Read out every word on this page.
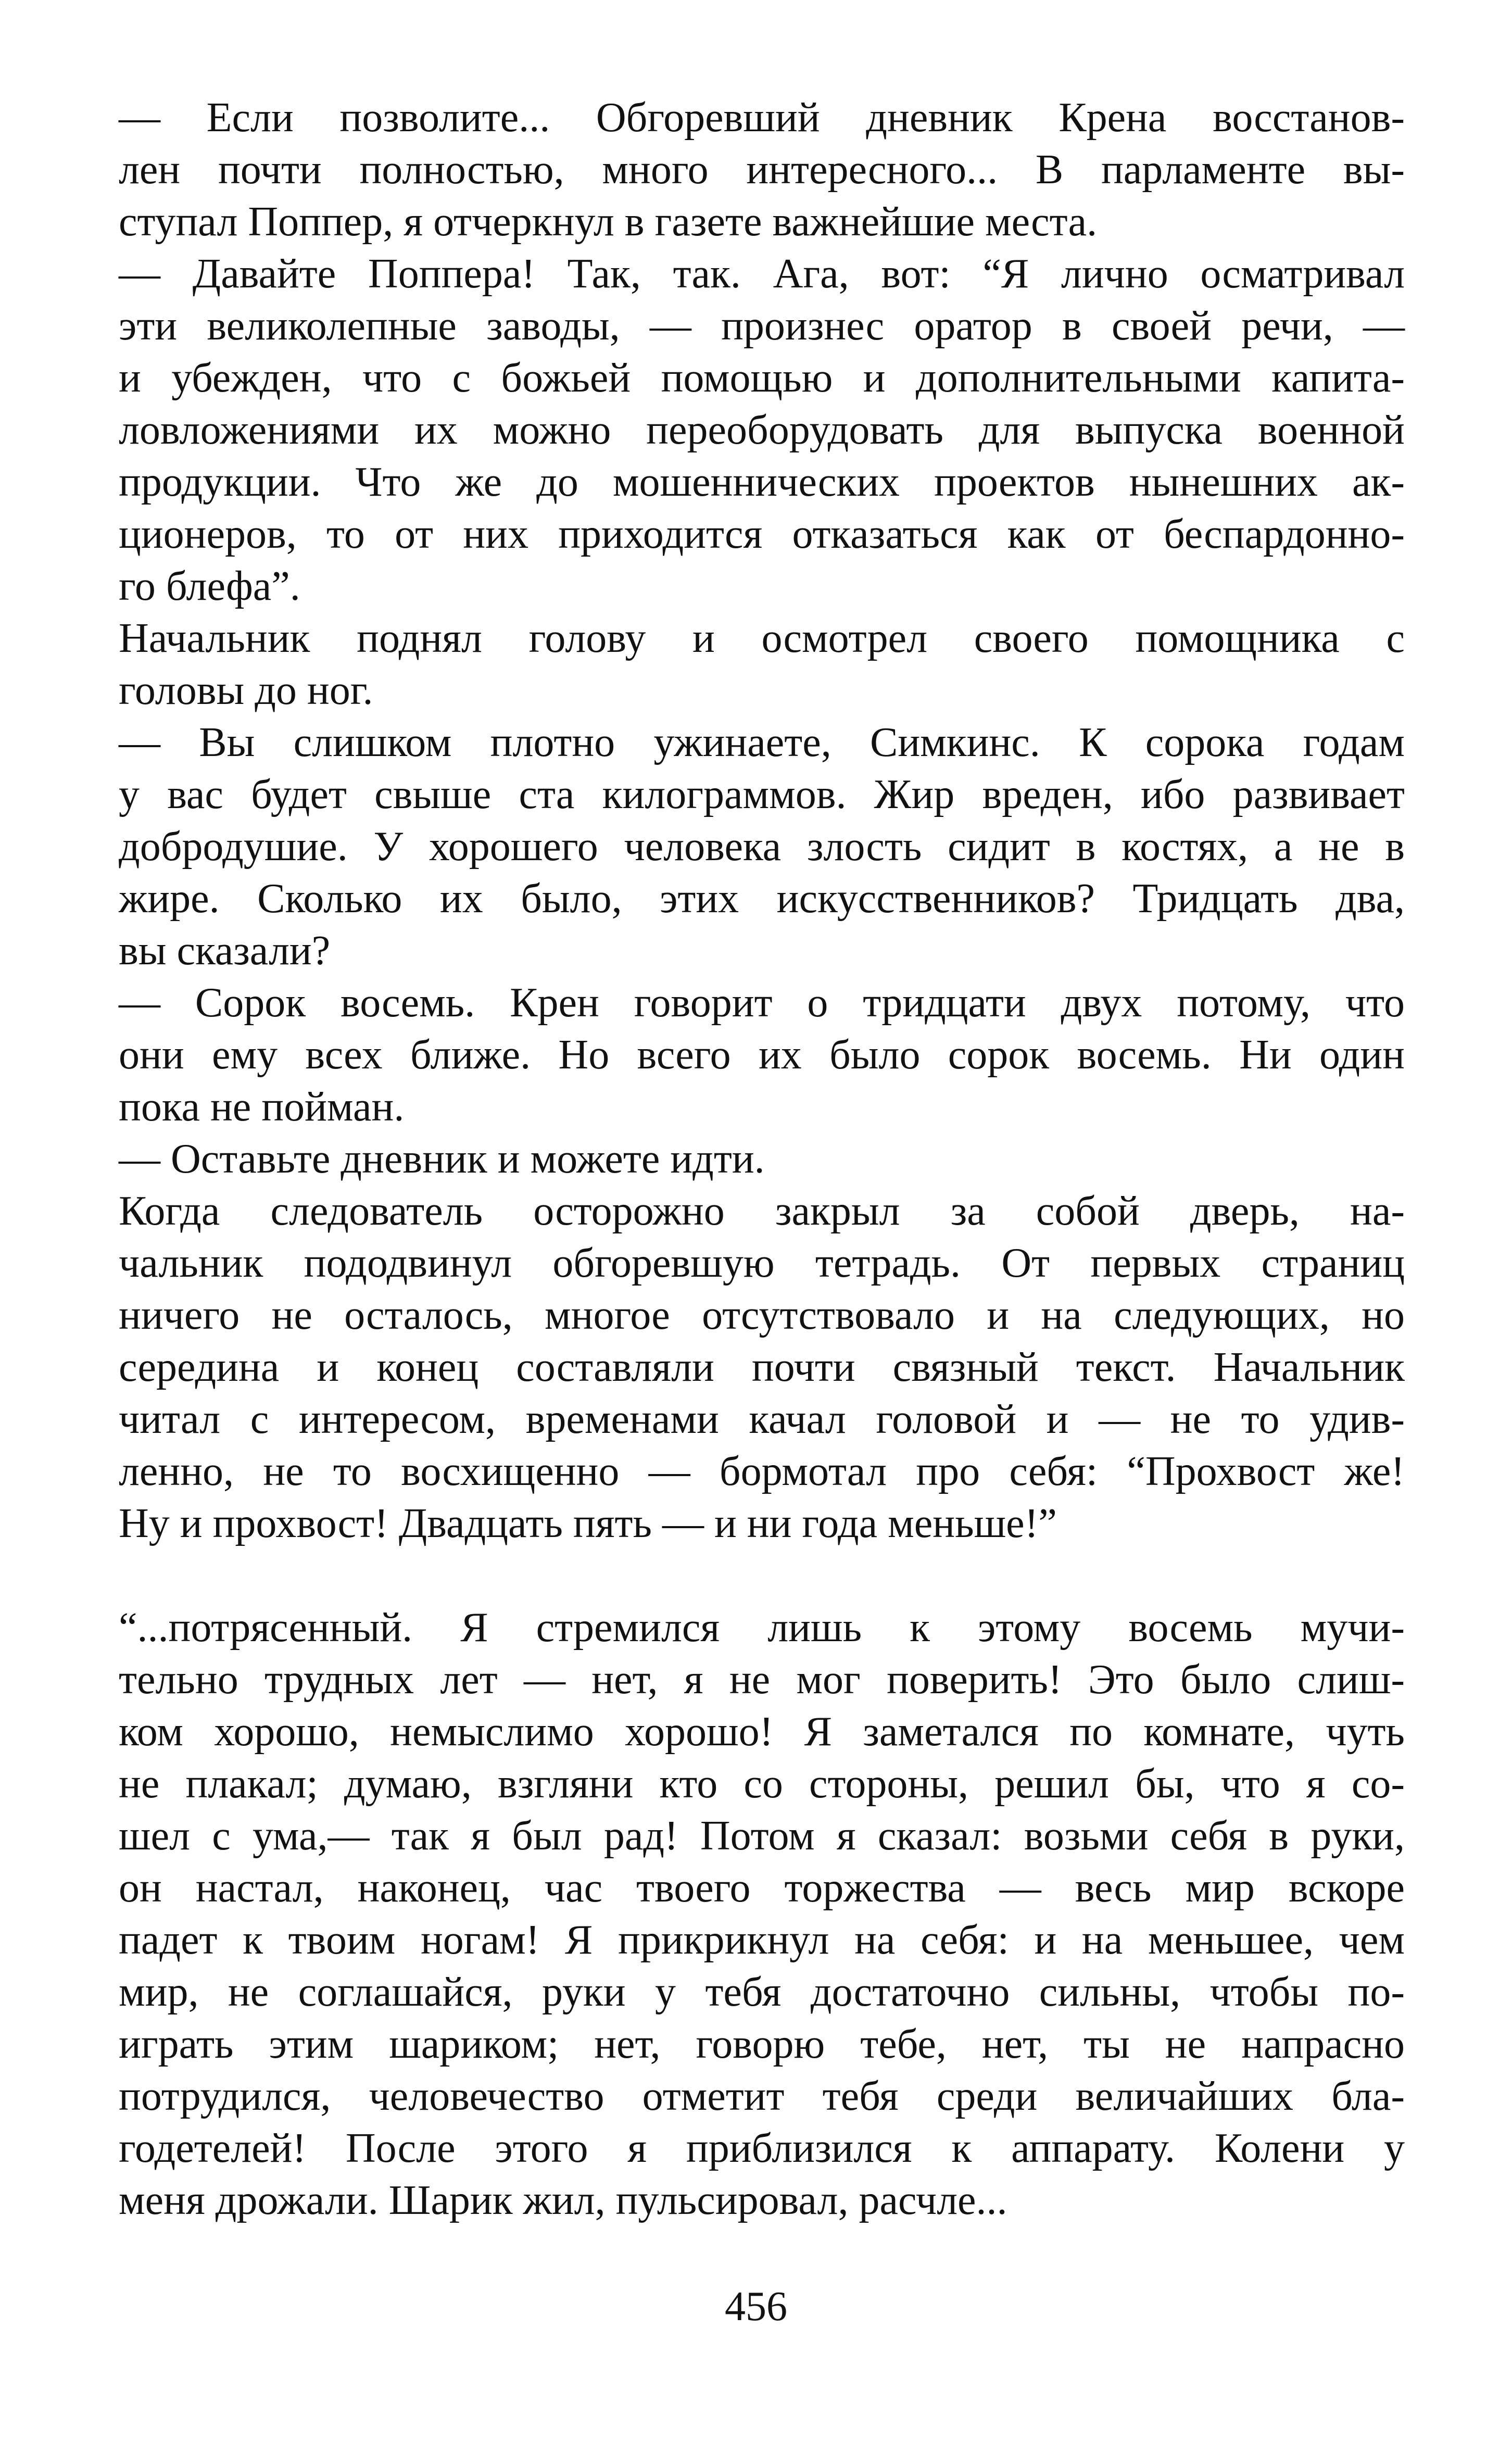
— Если позволите... Обгоревший дневник Крена восстанов-
лен почти полностью, много интересного... В парламенте вы-
ступал Поппер, я отчеркнул в газете важнейшие места.
— Давайте Поппера! Так, так. Ага, вот: “Я лично осматривал
эти великолепные заводы, — произнес оратор в своей речи, —
и убежден, что с божьей помощью и дополнительными капита-
ловложениями их можно переоборудовать для выпуска военной
продукции. Что же до мошеннических проектов нынешних ак-
ционеров, то от них приходится отказаться как от беспардонно-
го блефа”.
Начальник поднял голову и осмотрел своего помощника с
головы до ног.
— Вы слишком плотно ужинаете, Симкинс. К сорока годам
у вас будет свыше ста килограммов. Жир вреден, ибо развивает
добродушие. У хорошего человека злость сидит в костях, а не в
жире. Сколько их было, этих искусственников? Тридцать два,
вы сказали?
— Сорок восемь. Крен говорит о тридцати двух потому, что
они ему всех ближе. Но всего их было сорок восемь. Ни один
пока не пойман.
— Оставьте дневник и можете идти.
Когда следователь осторожно закрыл за собой дверь, на-
чальник пододвинул обгоревшую тетрадь. От первых страниц
ничего не осталось, многое отсутствовало и на следующих, но
середина и конец составляли почти связный текст. Начальник
читал с интересом, временами качал головой и — не то удив-
ленно, не то восхищенно — бормотал про себя: “Прохвост же!
Ну и прохвост! Двадцать пять — и ни года меньше!”
“...потрясенный. Я стремился лишь к этому восемь мучи-
тельно трудных лет — нет, я не мог поверить! Это было слиш-
ком хорошо, немыслимо хорошо! Я заметался по комнате, чуть
не плакал; думаю, взгляни кто со стороны, решил бы, что я со-
шел с ума,— так я был рад! Потом я сказал: возьми себя в руки,
он настал, наконец, час твоего торжества — весь мир вскоре
падет к твоим ногам! Я прикрикнул на себя: и на меньшее, чем
мир, не соглашайся, руки у тебя достаточно сильны, чтобы по-
играть этим шариком; нет, говорю тебе, нет, ты не напрасно
потрудился, человечество отметит тебя среди величайших бла-
годетелей! После этого я приблизился к аппарату. Колени у
меня дрожали. Шарик жил, пульсировал, расчле...
456
